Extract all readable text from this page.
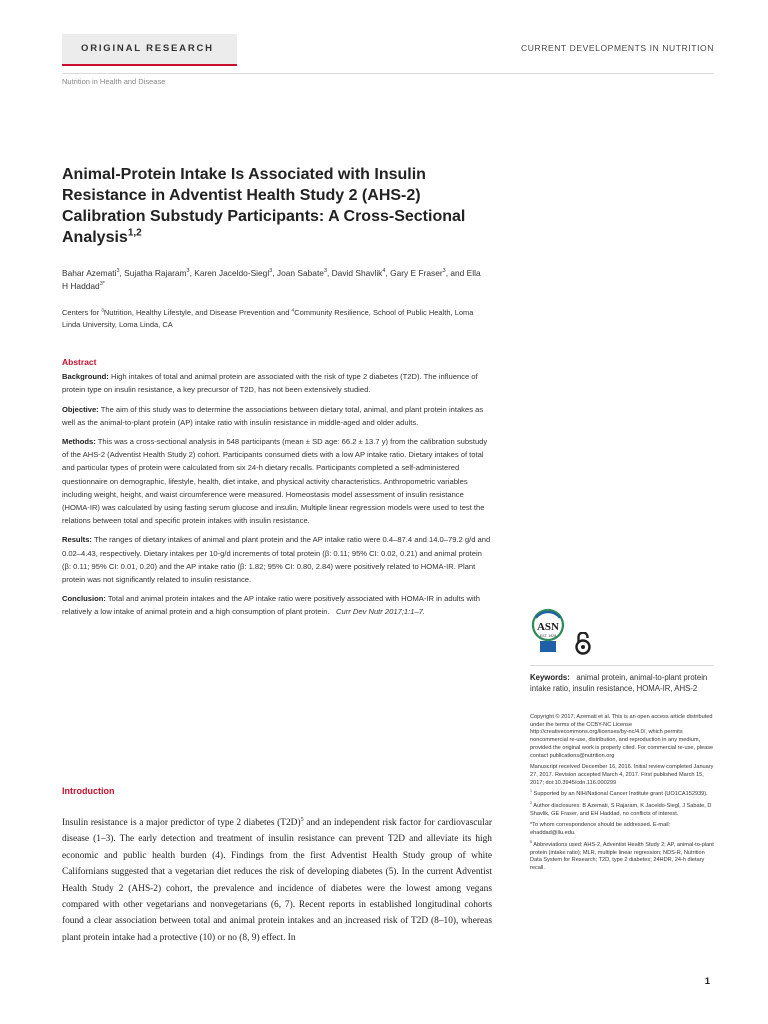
ORIGINAL RESEARCH	CURRENT DEVELOPMENTS IN NUTRITION
Nutrition in Health and Disease
Animal-Protein Intake Is Associated with Insulin Resistance in Adventist Health Study 2 (AHS-2) Calibration Substudy Participants: A Cross-Sectional Analysis$^{1,2}$
Bahar Azemati$^3$, Sujatha Rajaram$^3$, Karen Jaceldo-Siegl$^3$, Joan Sabate$^3$, David Shavlik$^4$, Gary E Fraser$^3$, and Ella H Haddad$^{3*}$
Centers for $^3$Nutrition, Healthy Lifestyle, and Disease Prevention and $^4$Community Resilience, School of Public Health, Loma Linda University, Loma Linda, CA
Abstract

Background: High intakes of total and animal protein are associated with the risk of type 2 diabetes (T2D). The influence of protein type on insulin resistance, a key precursor of T2D, has not been extensively studied.

Objective: The aim of this study was to determine the associations between dietary total, animal, and plant protein intakes as well as the animal-to-plant protein (AP) intake ratio with insulin resistance in middle-aged and older adults.

Methods: This was a cross-sectional analysis in 548 participants (mean ± SD age: 66.2 ± 13.7 y) from the calibration substudy of the AHS-2 (Adventist Health Study 2) cohort. Participants consumed diets with a low AP intake ratio. Dietary intakes of total and particular types of protein were calculated from six 24-h dietary recalls. Participants completed a self-administered questionnaire on demographic, lifestyle, health, diet intake, and physical activity characteristics. Anthropometric variables including weight, height, and waist circumference were measured. Homeostasis model assessment of insulin resistance (HOMA-IR) was calculated by using fasting serum glucose and insulin. Multiple linear regression models were used to test the relations between total and specific protein intakes with insulin resistance.

Results: The ranges of dietary intakes of animal and plant protein and the AP intake ratio were 0.4–87.4 and 14.0–79.2 g/d and 0.02–4.43, respectively. Dietary intakes per 10-g/d increments of total protein (β: 0.11; 95% CI: 0.02, 0.21) and animal protein (β: 0.11; 95% CI: 0.01, 0.20) and the AP intake ratio (β: 1.82; 95% CI: 0.80, 2.84) were positively related to HOMA-IR. Plant protein was not significantly related to insulin resistance.

Conclusion: Total and animal protein intakes and the AP intake ratio were positively associated with HOMA-IR in adults with relatively a low intake of animal protein and a high consumption of plant protein. Curr Dev Nutr 2017;1:1–7.

Introduction

Insulin resistance is a major predictor of type 2 diabetes $(T2D)^5$ and an independent risk factor for cardiovascular disease (1–3). The early detection and treatment of insulin resistance can prevent T2D and alleviate its high economic and public health burden (4). Findings from the first Adventist Health Study group of white Californians suggested that a vegetarian diet reduces the risk of developing diabetes (5). In the current Adventist Health Study 2 (AHS-2) cohort, the prevalence and incidence of diabetes were the lowest among vegans compared with other vegetarians and nonvegetarians (6, 7). Recent reports in established longitudinal cohorts found a clear association between total and animal protein intakes and an increased risk of T2D (8–10), whereas plant protein intake had a protective (10) or no (8, 9) effect. In

ASN
EST. 1928
Keywords: animal protein, animal-to-plant protein intake ratio, insulin resistance, HOMA-IR, AHS-2

Copyright © 2017, Azemati et al. This is an open access article distributed under the terms of the CCBY-NC License http://creativecommons.org/licenses/by-nc/4.0/, which permits noncommercial re-use, distribution, and reproduction in any medium, provided the original work is properly cited. For commercial re-use, please contact publications@nutrition.org

Manuscript received December 16, 2016. Initial review completed January 27, 2017. Revision accepted March 4, 2017. First published March 15, 2017; doi:10.3945/cdn.116.000299

$^1$ Supported by an NIH/National Cancer Institute grant (UO1CA152939).

$^2$ Author disclosures: B Azemati, S Rajaram, K Jaceldo-Siegl, J Sabate, D Shavlik, GE Fraser, and EH Haddad, no conflicts of interest.

*To whom correspondence should be addressed. E-mail: ehaddad@llu.edu.

$^5$ Abbreviations used: AHS-2, Adventist Health Study 2; AP, animal-to-plant protein (intake ratio); MLR, multiple linear regression; NDS-R, Nutrition Data System for Research; T2D, type 2 diabetes; 24HDR, 24-h dietary recall.

1
